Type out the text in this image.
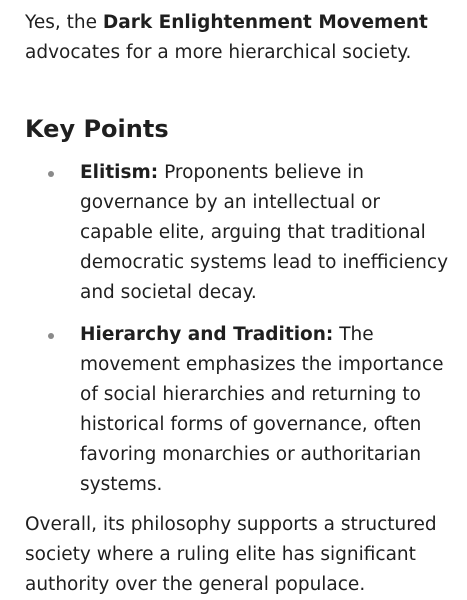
Yes, the Dark Enlightenment Movement advocates for a more hierarchical society.

Key Points
Elitism: Proponents believe in governance by an intellectual or capable elite, arguing that traditional democratic systems lead to inefficiency and societal decay.
Hierarchy and Tradition: The movement emphasizes the importance of social hierarchies and returning to historical forms of governance, often favoring monarchies or authoritarian systems.

Overall, its philosophy supports a structured society where a ruling elite has significant authority over the general populace.
